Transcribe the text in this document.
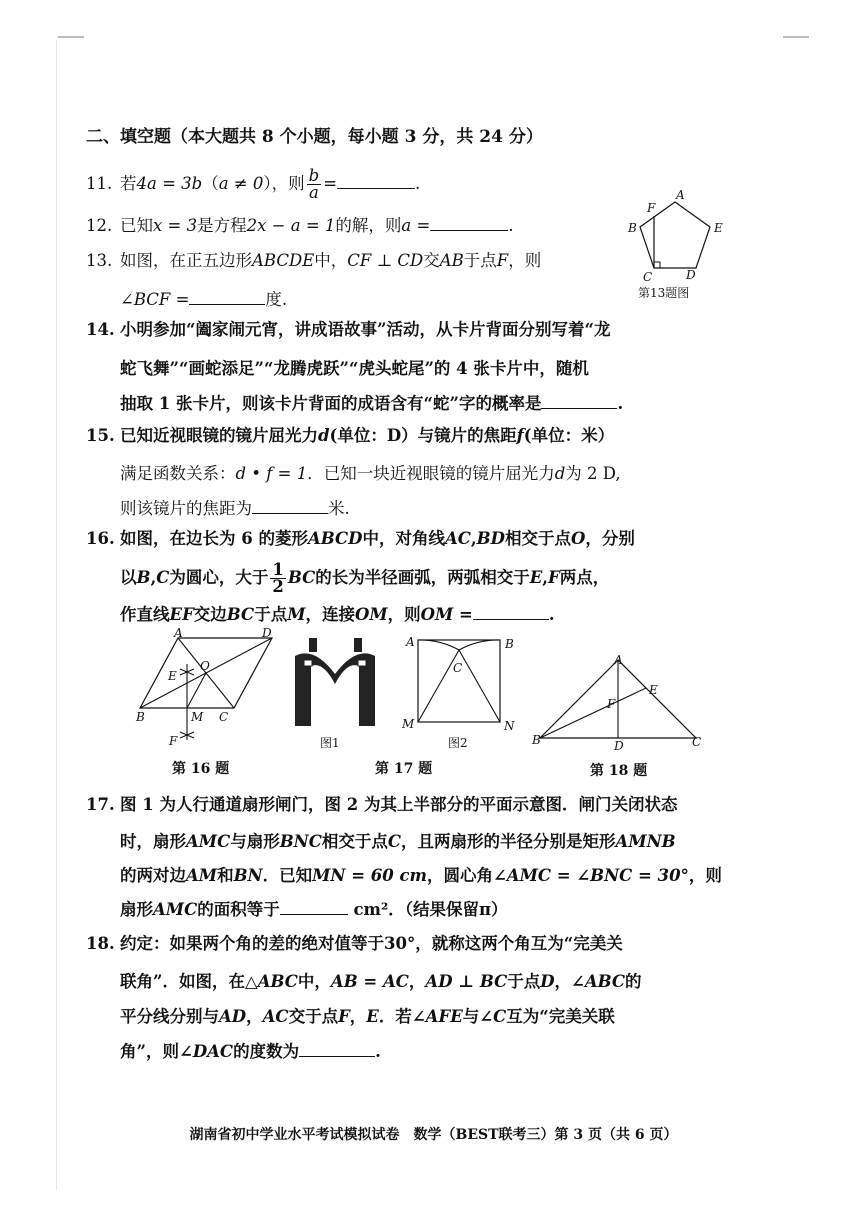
二、填空题（本大题共 8 个小题，每小题 3 分，共 24 分）
11. 若4a = 3b（a ≠ 0），则 $\frac{b}{a}$ =	.
12. 已知x = 3是方程2x − a = 1的解，则a =	.
13. 如图，在正五边形ABCDE中，CF ⊥ CD交AB于点F，则
∠BCF =	度.
A
B
C	D
E
F
第13题图
14. 小明参加“阖家闹元宵，讲成语故事”活动，从卡片背面分别写着“龙
蛇飞舞”“画蛇添足”“龙腾虎跃”“虎头蛇尾”的 4 张卡片中，随机
抽取 1 张卡片，则该卡片背面的成语含有“蛇”字的概率是	.
15. 已知近视眼镜的镜片屈光力d(单位：D）与镜片的焦距f(单位：米）
满足函数关系：d • f = 1．已知一块近视眼镜的镜片屈光力d为 2 D,
则该镜片的焦距为	米.
16. 如图，在边长为 6 的菱形ABCD中，对角线AC,BD相交于点O，分别
以B,C为圆心，大于 $\frac{1}{2}$ BC的长为半径画弧，两弧相交于E,F两点，
作直线EF交边BC于点M，连接OM，则OM =	.
A	D
O
E
B	M C
F
第 16 题
图1
A	B
C
M	N
图2
第 17 题
A
E
F
B	D	C
第 18 题
17. 图 1 为人行通道扇形闸门，图 2 为其上半部分的平面示意图．闸门关闭状态
时，扇形AMC与扇形BNC相交于点C，且两扇形的半径分别是矩形AMNB
的两对边AM和BN．已知MN = 60 cm，圆心角∠AMC = ∠BNC = 30°，则
扇形AMC的面积等于	cm²．（结果保留π）
18. 约定：如果两个角的差的绝对值等于30°，就称这两个角互为“完美关
联角”．如图，在△ABC中，AB = AC，AD ⊥ BC于点D，∠ABC的
平分线分别与AD，AC交于点F，E．若∠AFE与∠C互为“完美关联
角”，则∠DAC的度数为	.
湖南省初中学业水平考试模拟试卷　数学（BEST联考三）第 3 页（共 6 页）
